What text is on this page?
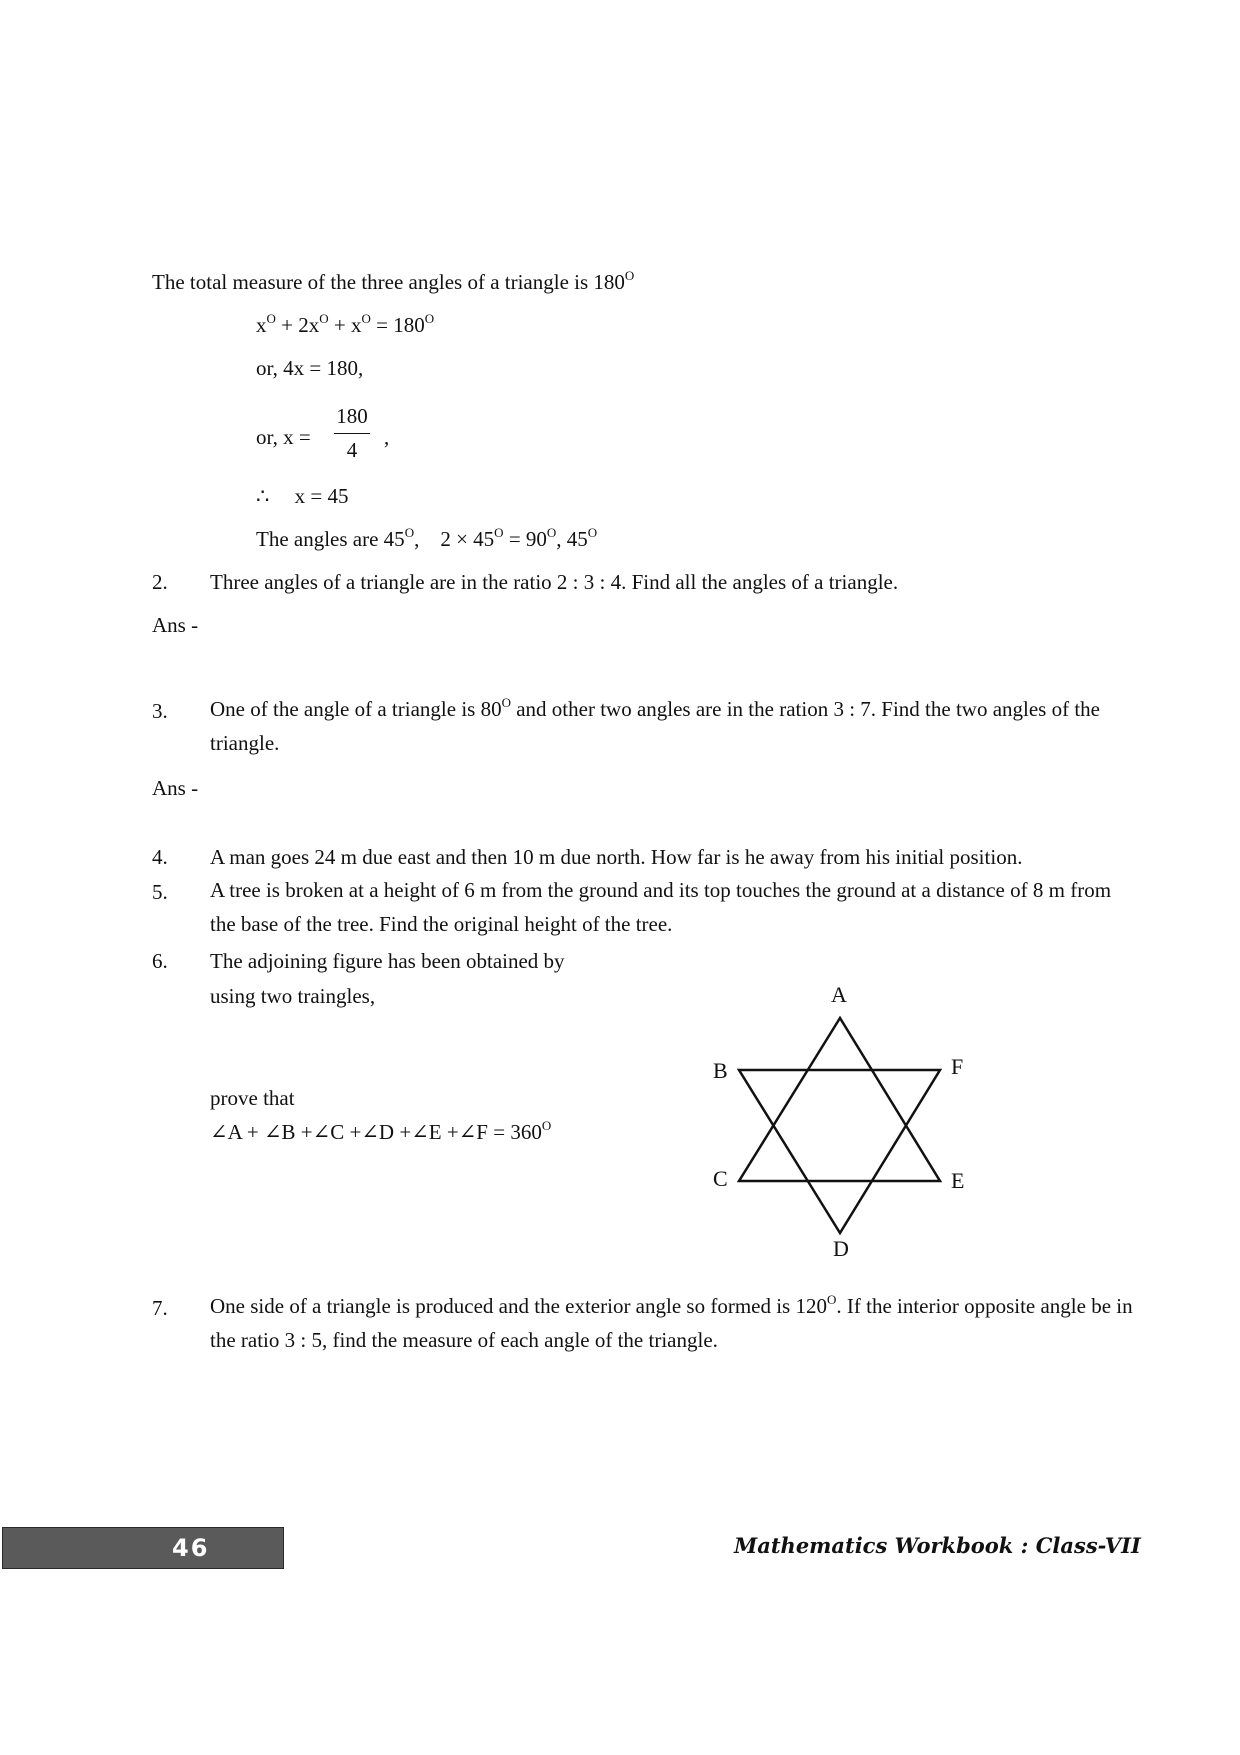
The total measure of the three angles of a triangle is $180^O$
$x^O + 2x^O + x^O = 180^O$
or, 4x = 180,
or, x =
180
4
,
∴ x = 45
The angles are $45^O$,    $2 \times 45^O = 90^O$, $45^O$
2. Three angles of a triangle are in the ratio 2 : 3 : 4. Find all the angles of a triangle.
Ans -
3. One of the angle of a triangle is $80^O$ and other two angles are in the ration 3 : 7. Find the two angles of the triangle.
Ans -
4. A man goes 24 m due east and then 10 m due north. How far is he away from his initial position.
5. A tree is broken at a height of 6 m from the ground and its top touches the ground at a distance of 8 m from the base of the tree. Find the original height of the tree.
6. The adjoining figure has been obtained by
using two traingles,
prove that
∠A + ∠B +∠C +∠D +∠E +∠F = $360^O$
A
B	F
C	E
D
7. One side of a triangle is produced and the exterior angle so formed is $120^O$. If the interior opposite angle be in the ratio 3 : 5, find the measure of each angle of the triangle.
46	Mathematics Workbook : Class-VII
